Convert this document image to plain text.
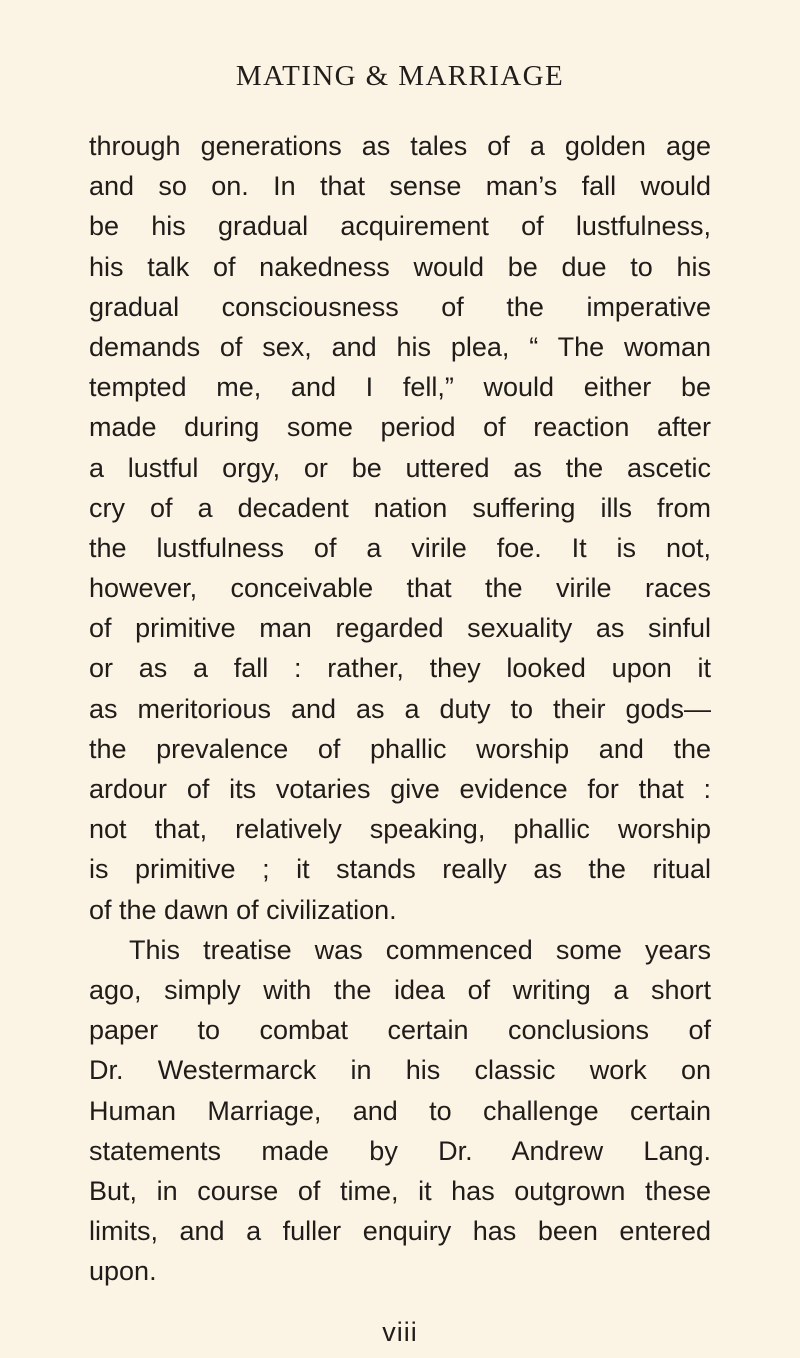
MATING & MARRIAGE
through generations as tales of a golden age
and so on. In that sense man’s fall would
be his gradual acquirement of lustfulness,
his talk of nakedness would be due to his
gradual consciousness of the imperative
demands of sex, and his plea, “ The woman
tempted me, and I fell,” would either be
made during some period of reaction after
a lustful orgy, or be uttered as the ascetic
cry of a decadent nation suffering ills from
the lustfulness of a virile foe. It is not,
however, conceivable that the virile races
of primitive man regarded sexuality as sinful
or as a fall : rather, they looked upon it
as meritorious and as a duty to their gods—
the prevalence of phallic worship and the
ardour of its votaries give evidence for that :
not that, relatively speaking, phallic worship
is primitive ; it stands really as the ritual
of the dawn of civilization.
This treatise was commenced some years
ago, simply with the idea of writing a short
paper to combat certain conclusions of
Dr. Westermarck in his classic work on
Human Marriage, and to challenge certain
statements made by Dr. Andrew Lang.
But, in course of time, it has outgrown these
limits, and a fuller enquiry has been entered
upon.
viii
